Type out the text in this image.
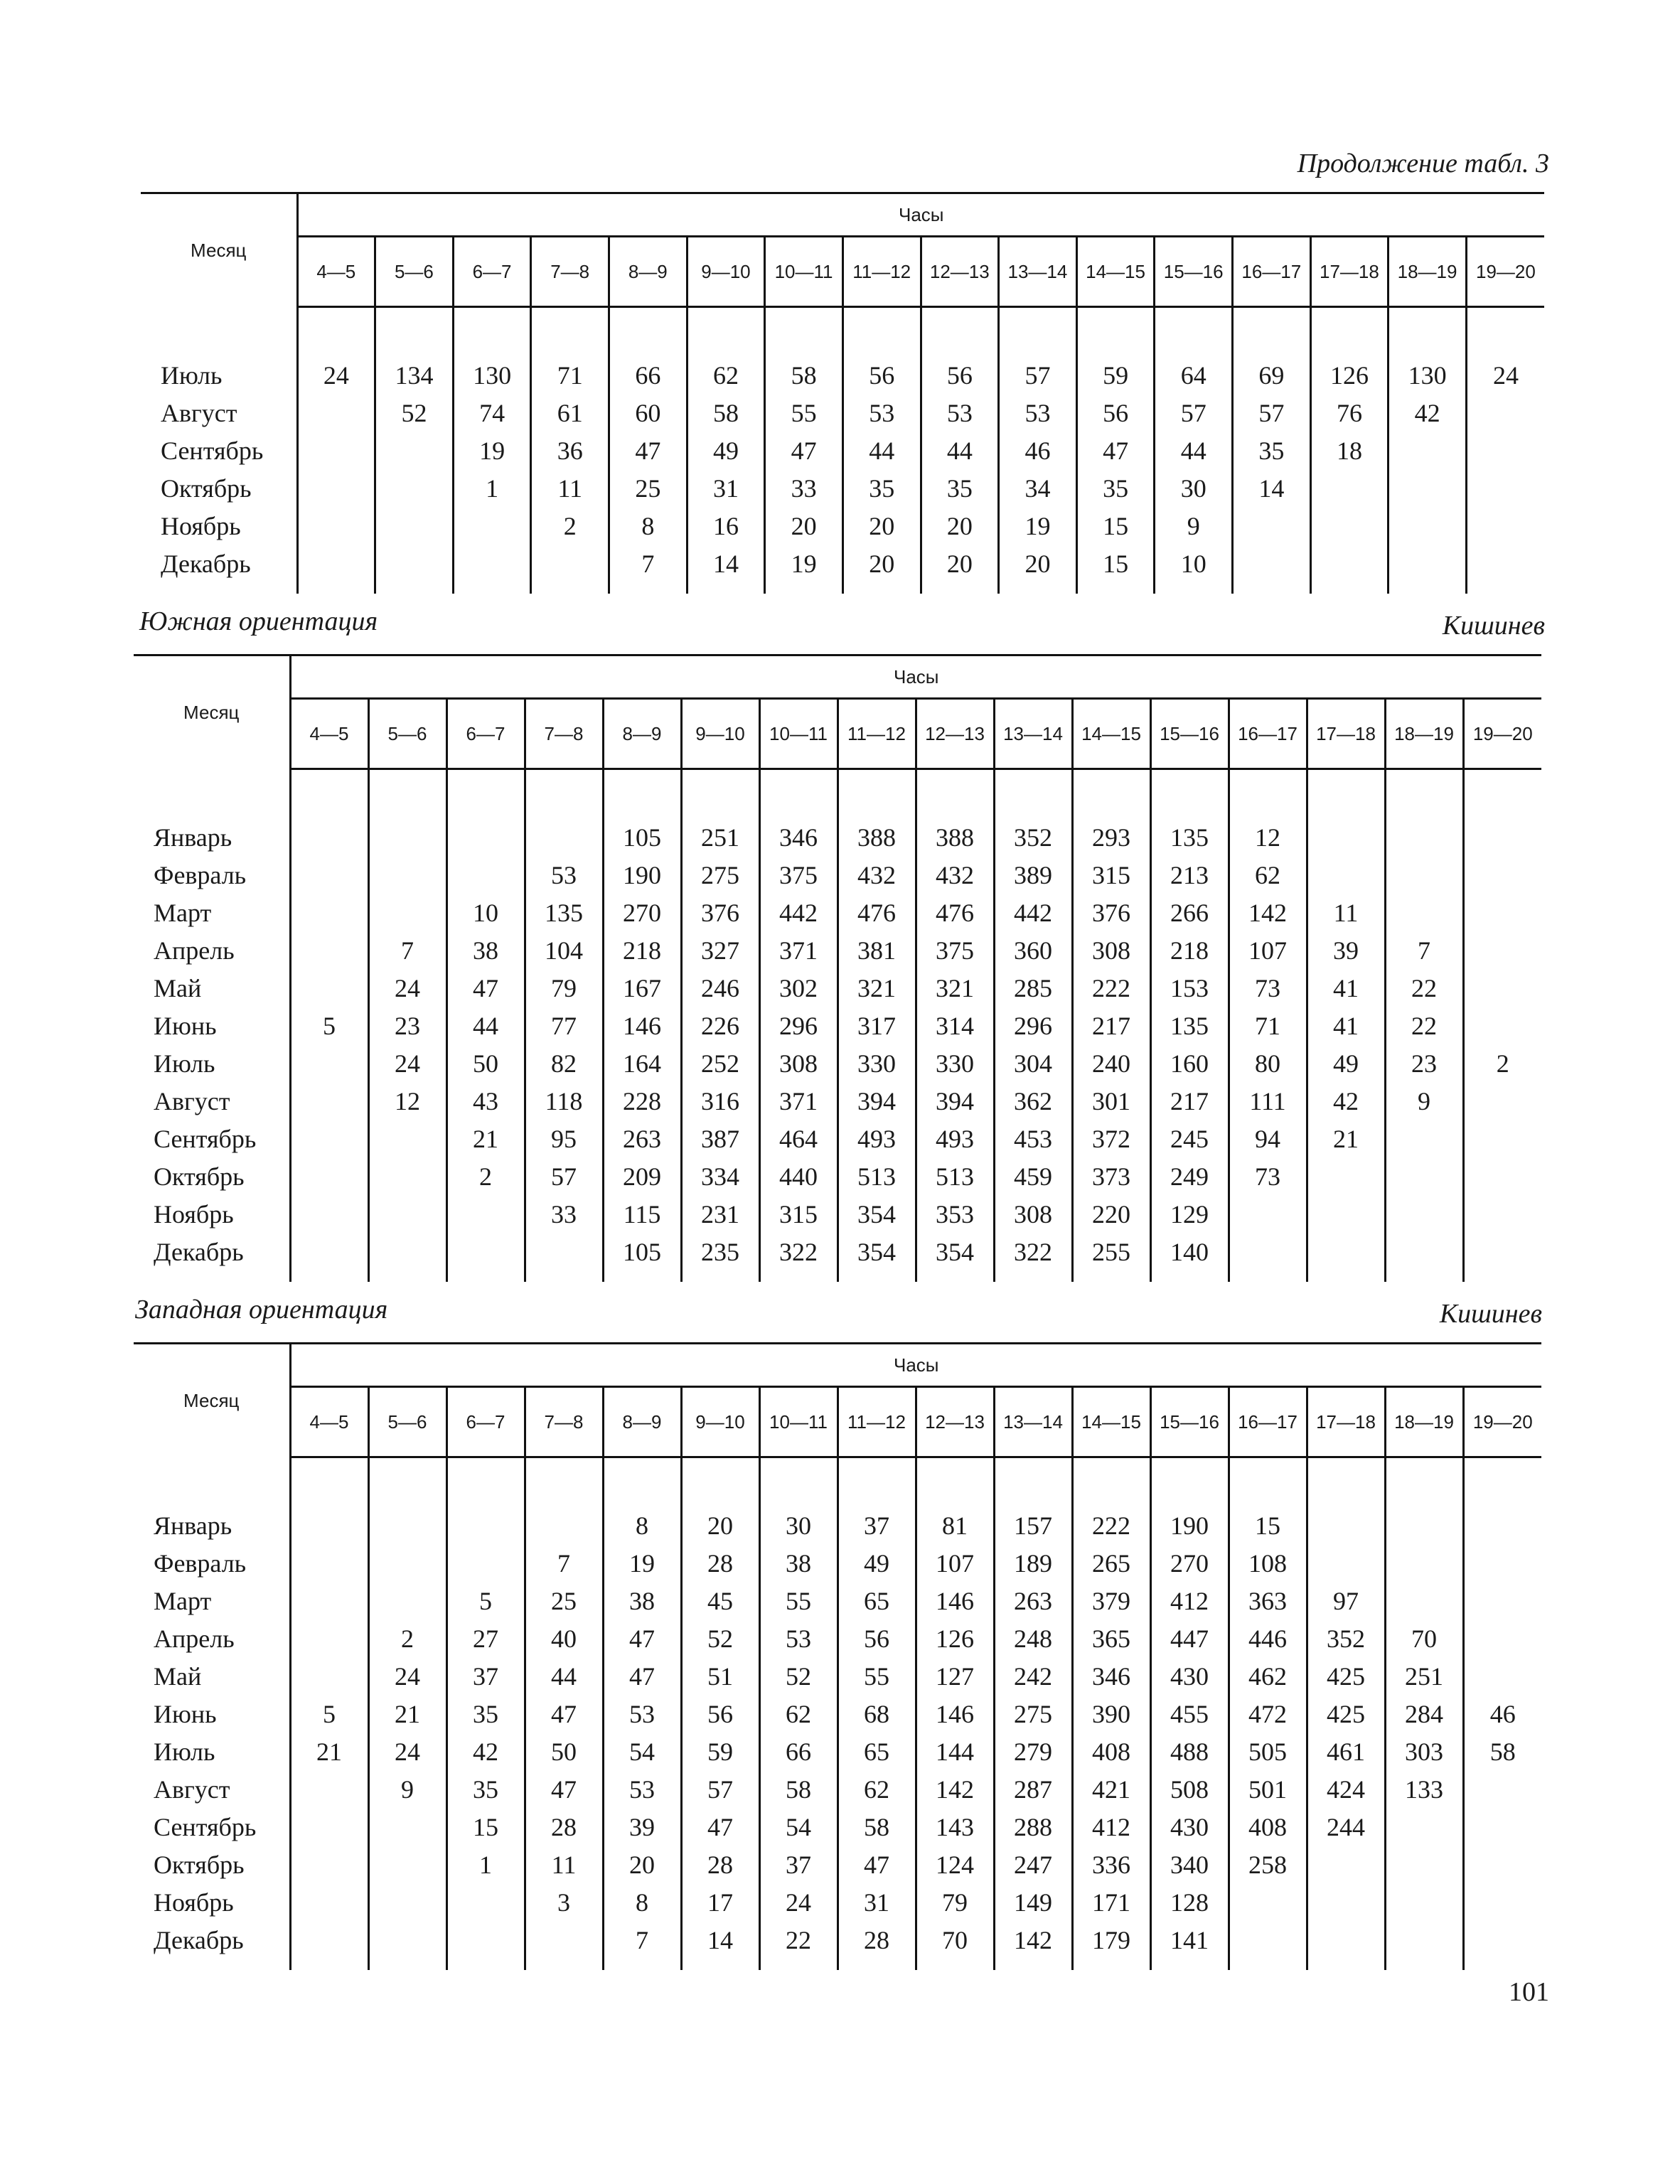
Продолжение табл. 3
Месяц	Часы															
	4—5	5—6	6—7	7—8	8—9	9—10	10—11	11—12	12—13	13—14	14—15	15—16	16—17	17—18	18—19	19—20

Июль	24	134	130	71	66	62	58	56	56	57	59	64	69	126	130	24
Август		52	74	61	60	58	55	53	53	53	56	57	57	76	42	
Сентябрь			19	36	47	49	47	44	44	46	47	44	35	18		
Октябрь			1	11	25	31	33	35	35	34	35	30	14			
Ноябрь				2	8	16	20	20	20	19	15	9				
Декабрь					7	14	19	20	20	20	15	10				

Южная ориентация	Кишинев
Месяц	Часы															
	4—5	5—6	6—7	7—8	8—9	9—10	10—11	11—12	12—13	13—14	14—15	15—16	16—17	17—18	18—19	19—20

Январь					105	251	346	388	388	352	293	135	12			
Февраль				53	190	275	375	432	432	389	315	213	62			
Март			10	135	270	376	442	476	476	442	376	266	142	11		
Апрель		7	38	104	218	327	371	381	375	360	308	218	107	39	7	
Май		24	47	79	167	246	302	321	321	285	222	153	73	41	22	
Июнь	5	23	44	77	146	226	296	317	314	296	217	135	71	41	22	
Июль		24	50	82	164	252	308	330	330	304	240	160	80	49	23	2
Август		12	43	118	228	316	371	394	394	362	301	217	111	42	9	
Сентябрь			21	95	263	387	464	493	493	453	372	245	94	21		
Октябрь			2	57	209	334	440	513	513	459	373	249	73			
Ноябрь				33	115	231	315	354	353	308	220	129				
Декабрь					105	235	322	354	354	322	255	140				

Западная ориентация	Кишинев
Месяц	Часы															
	4—5	5—6	6—7	7—8	8—9	9—10	10—11	11—12	12—13	13—14	14—15	15—16	16—17	17—18	18—19	19—20

Январь					8	20	30	37	81	157	222	190	15			
Февраль				7	19	28	38	49	107	189	265	270	108			
Март			5	25	38	45	55	65	146	263	379	412	363	97		
Апрель		2	27	40	47	52	53	56	126	248	365	447	446	352	70	
Май		24	37	44	47	51	52	55	127	242	346	430	462	425	251	
Июнь	5	21	35	47	53	56	62	68	146	275	390	455	472	425	284	46
Июль	21	24	42	50	54	59	66	65	144	279	408	488	505	461	303	58
Август		9	35	47	53	57	58	62	142	287	421	508	501	424	133	
Сентябрь			15	28	39	47	54	58	143	288	412	430	408	244		
Октябрь			1	11	20	28	37	47	124	247	336	340	258			
Ноябрь				3	8	17	24	31	79	149	171	128				
Декабрь					7	14	22	28	70	142	179	141				

101
